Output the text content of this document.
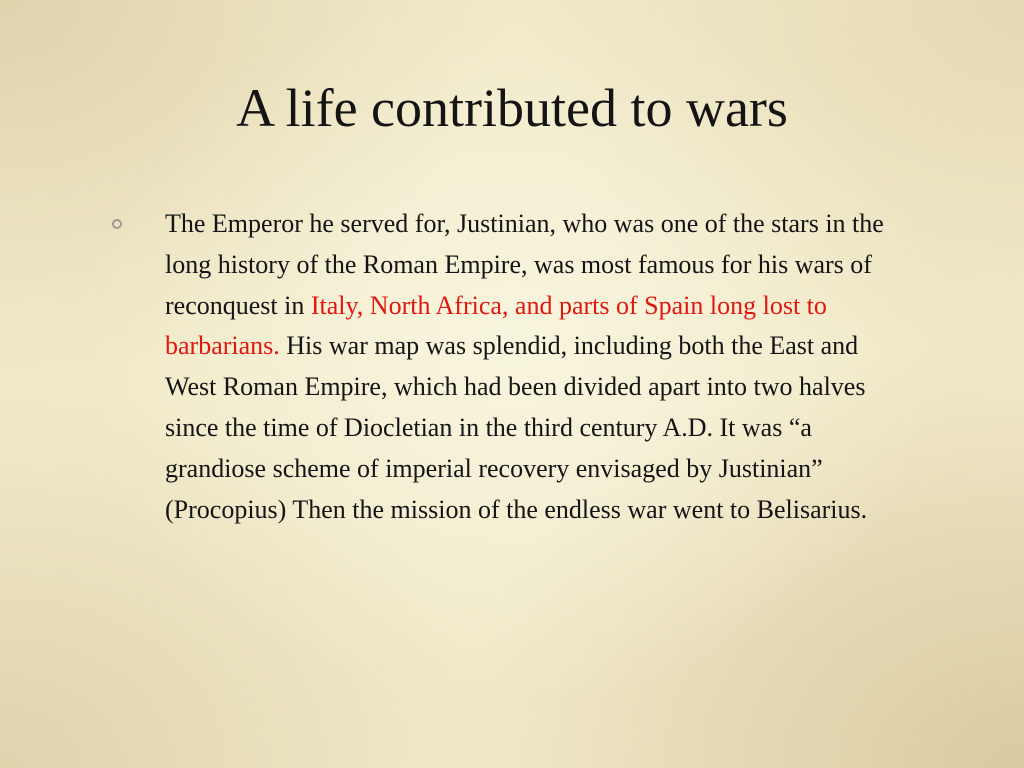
A life contributed to wars

The Emperor he served for, Justinian, who was one of the stars in the long history of the Roman Empire, was most famous for his wars of reconquest in Italy, North Africa, and parts of Spain long lost to barbarians. His war map was splendid, including both the East and West Roman Empire, which had been divided apart into two halves since the time of Diocletian in the third century A.D. It was “a grandiose scheme of imperial recovery envisaged by Justinian” (Procopius) Then the mission of the endless war went to Belisarius.
